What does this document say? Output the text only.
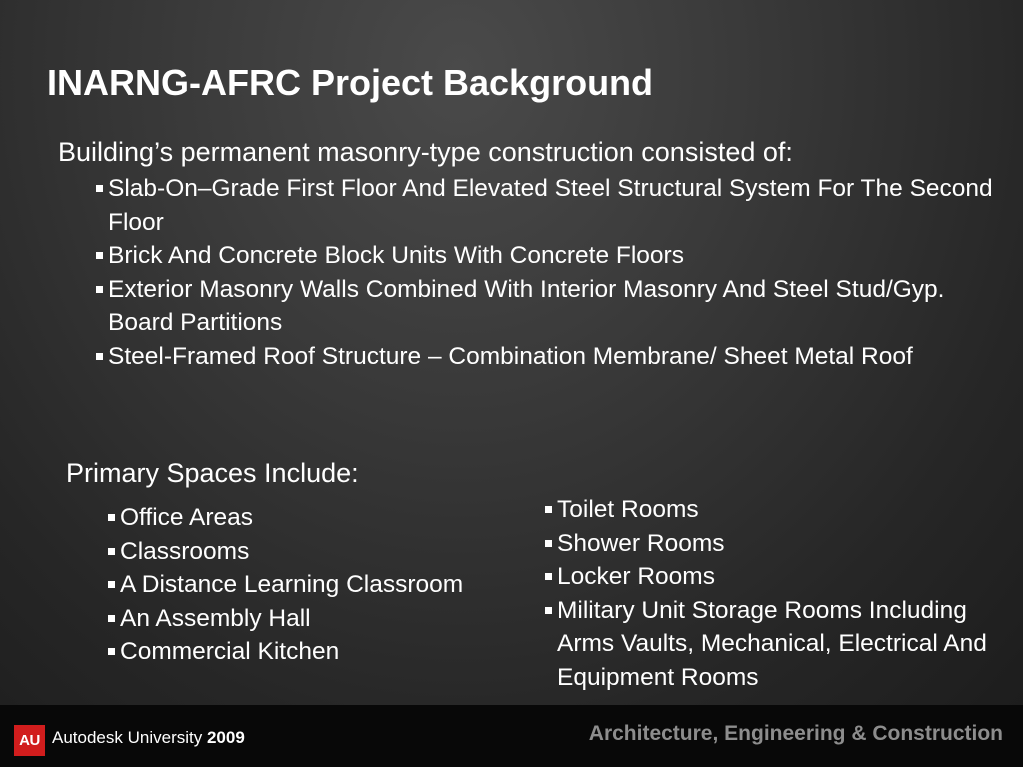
INARNG-AFRC Project Background
Building’s permanent masonry-type construction consisted of:
Slab-On–Grade First Floor And Elevated Steel Structural System For The Second Floor
Brick And Concrete Block Units With Concrete Floors
Exterior Masonry Walls Combined With Interior Masonry And Steel Stud/Gyp. Board Partitions
Steel-Framed Roof Structure – Combination Membrane/ Sheet Metal Roof
Primary Spaces Include:
Office Areas
Classrooms
A Distance Learning Classroom
An Assembly Hall
Commercial Kitchen
Toilet Rooms
Shower Rooms
Locker Rooms
Military Unit Storage Rooms Including Arms Vaults, Mechanical, Electrical And Equipment Rooms
AU Autodesk University 2009	Architecture, Engineering & Construction
